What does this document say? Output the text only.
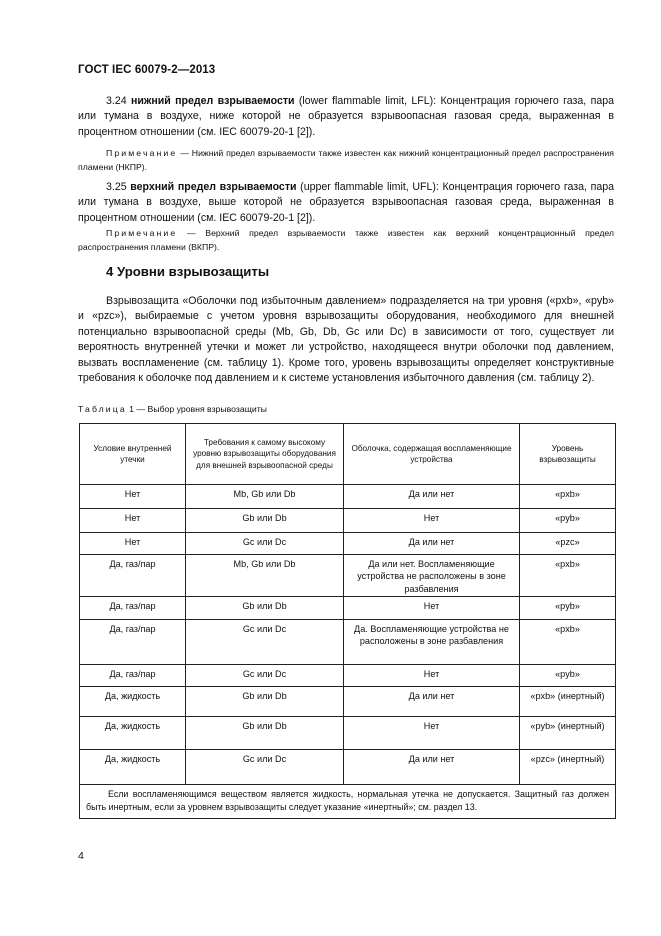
ГОСТ IEC 60079-2—2013

3.24 нижний предел взрываемости (lower flammable limit, LFL): Концентрация горючего газа, пара или тумана в воздухе, ниже которой не образуется взрывоопасная газовая среда, выраженная в процентном отношении (см. IEC 60079-20-1 [2]).

Примечание — Нижний предел взрываемости также известен как нижний концентрационный предел распространения пламени (НКПР).

3.25 верхний предел взрываемости (upper flammable limit, UFL): Концентрация горючего газа, пара или тумана в воздухе, выше которой не образуется взрывоопасная газовая среда, выраженная в процентном отношении (см. IEC 60079-20-1 [2]).

Примечание — Верхний предел взрываемости также известен как верхний концентрационный предел распространения пламени (ВКПР).

4 Уровни взрывозащиты

Взрывозащита «Оболочки под избыточным давлением» подразделяется на три уровня («pxb», «pyb» и «pzc»), выбираемые с учетом уровня взрывозащиты оборудования, необходимого для внешней потенциально взрывоопасной среды (Mb, Gb, Db, Gc или Dc) в зависимости от того, существует ли вероятность внутренней утечки и может ли устройство, находящееся внутри оболочки под давлением, вызвать воспламенение (см. таблицу 1). Кроме того, уровень взрывозащиты определяет конструктивные требования к оболочке под давлением и к системе установления избыточного давления (см. таблицу 2).

Таблица 1 — Выбор уровня взрывозащиты
Условие внутренней утечки	Требования к самому высокому уровню взрывозащиты оборудования для внешней взрывоопасной среды	Оболочка, содержащая воспламеняющие устройства	Уровень взрывозащиты
Нет	Mb, Gb или Db	Да или нет	«pxb»
Нет	Gb или Db	Нет	«pyb»
Нет	Gc или Dc	Да или нет	«pzc»
Да, газ/пар	Mb, Gb или Db	Да или нет. Воспламеняющие устройства не расположены в зоне разбавления	«pxb»
Да, газ/пар	Gb или Db	Нет	«pyb»
Да, газ/пар	Gc или Dc	Да. Воспламеняющие устройства не расположены в зоне разбавления	«pxb»
Да, газ/пар	Gc или Dc	Нет	«pyb»
Да, жидкость	Gb или Db	Да или нет	«pxb» (инертный)
Да, жидкость	Gb или Db	Нет	«pyb» (инертный)
Да, жидкость	Gc или Dc	Да или нет	«pzc» (инертный)
Если воспламеняющимся веществом является жидкость, нормальная утечка не допускается. Защитный газ должен быть инертным, если за уровнем взрывозащиты следует указание «инертный»; см. раздел 13.			
4
